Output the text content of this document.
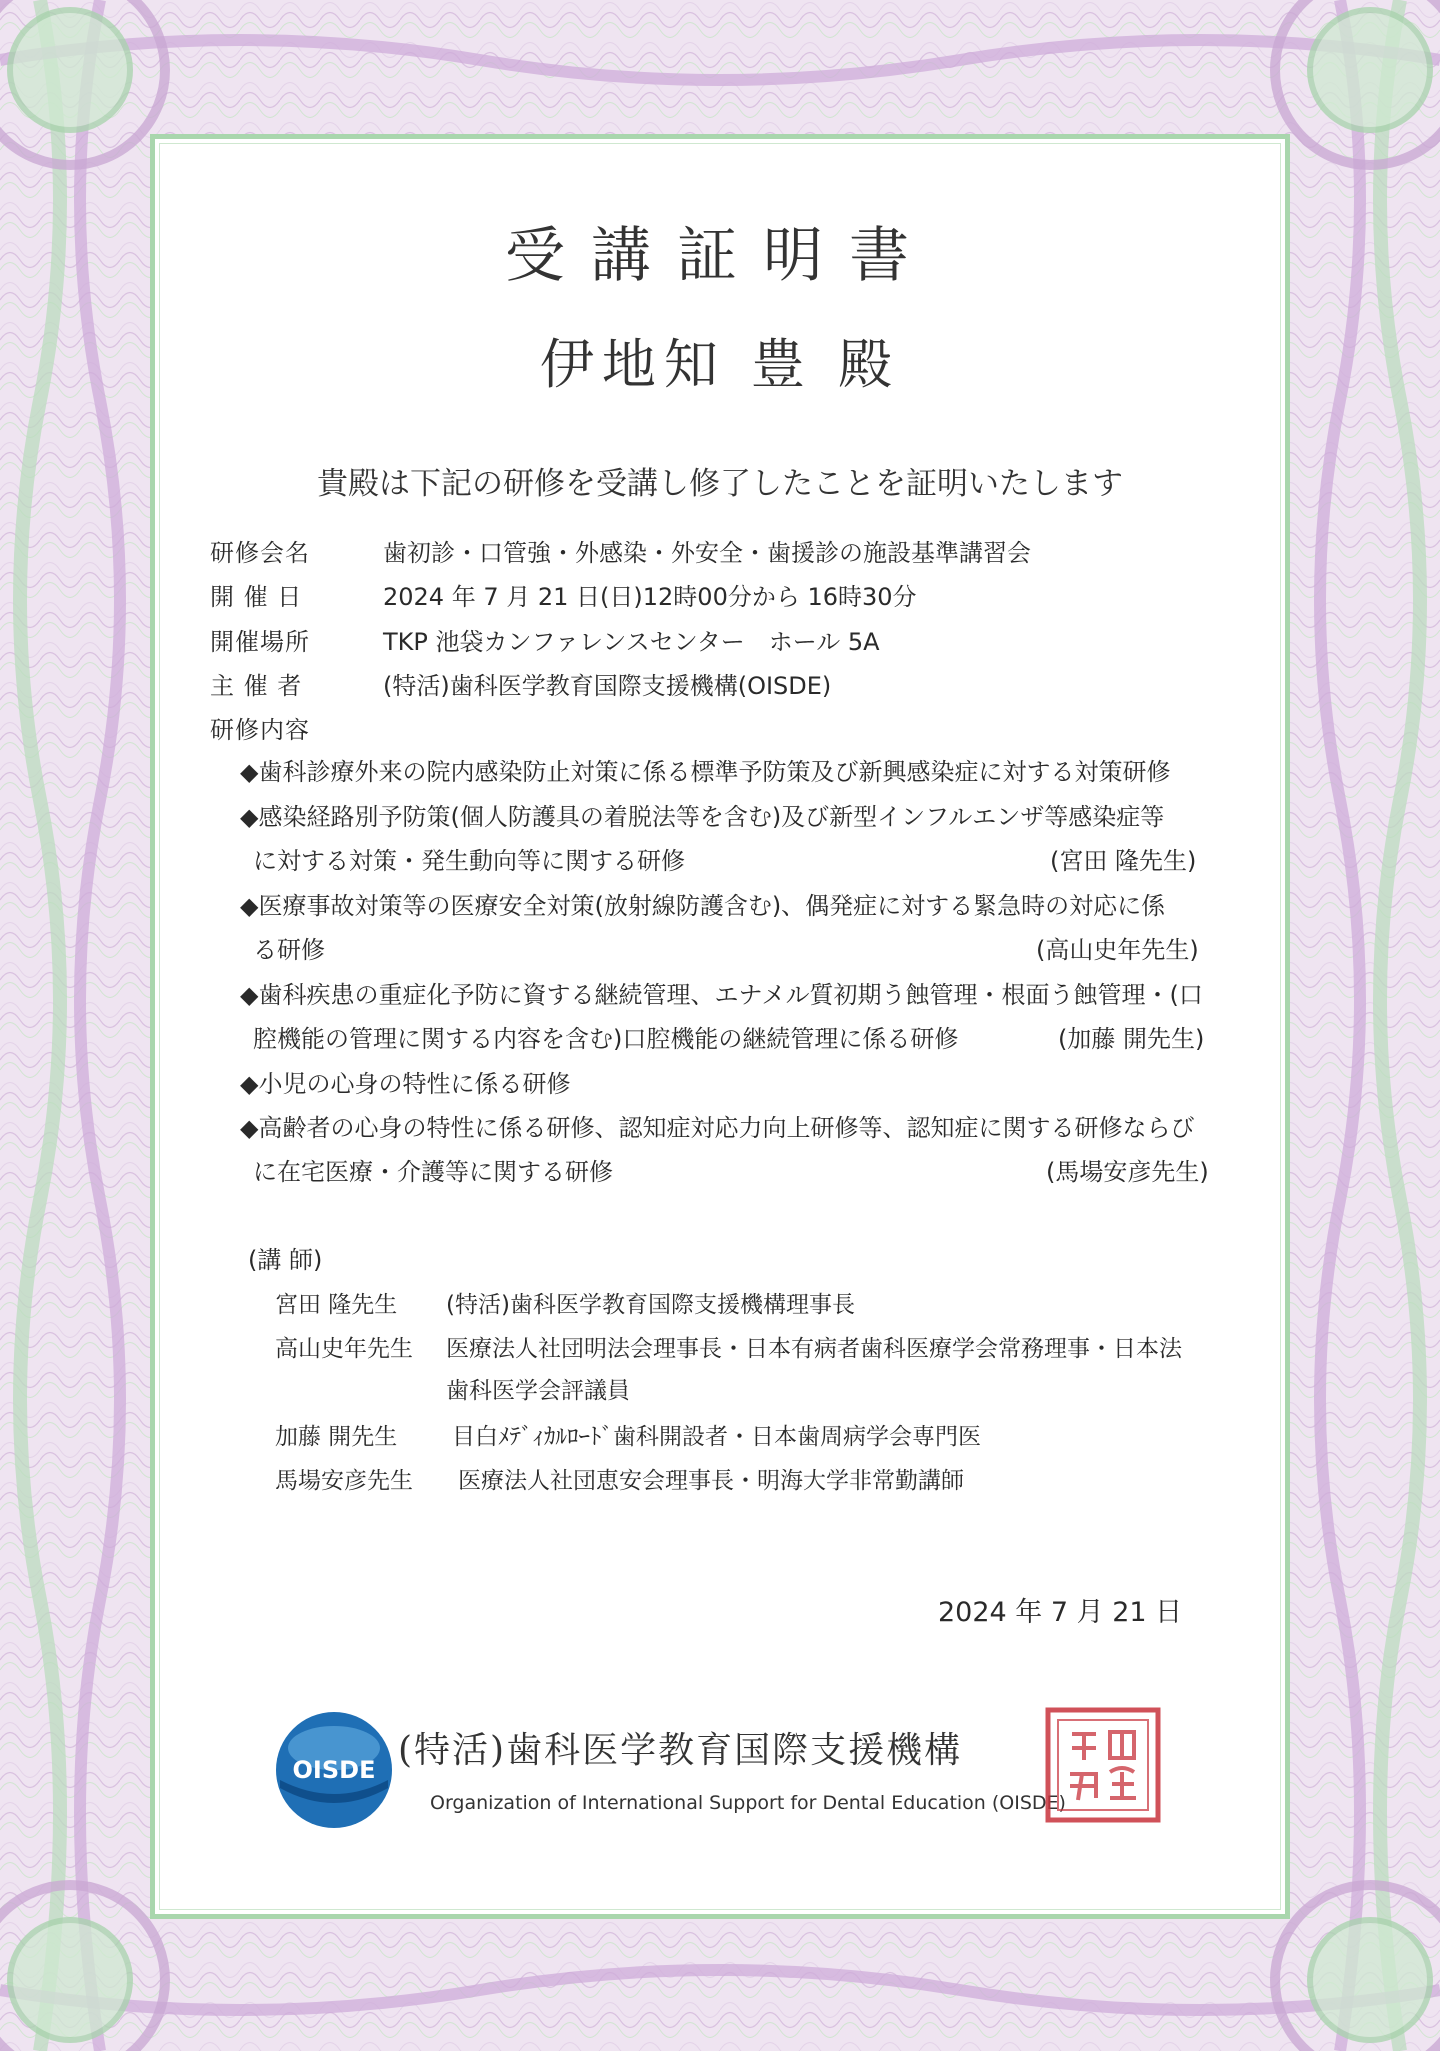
受講証明書
伊地知 豊 殿
貴殿は下記の研修を受講し修了したことを証明いたします
研修会名	歯初診・口管強・外感染・外安全・歯援診の施設基準講習会
開 催 日	2024 年 7 月 21 日(日)12時00分から 16時30分
開催場所	TKP 池袋カンファレンスセンター　ホール 5A
主 催 者	(特活)歯科医学教育国際支援機構(OISDE)
研修内容
◆歯科診療外来の院内感染防止対策に係る標準予防策及び新興感染症に対する対策研修
◆感染経路別予防策(個人防護具の着脱法等を含む)及び新型インフルエンザ等感染症等
に対する対策・発生動向等に関する研修	(宮田 隆先生)
◆医療事故対策等の医療安全対策(放射線防護含む)、偶発症に対する緊急時の対応に係
る研修	(高山史年先生)
◆歯科疾患の重症化予防に資する継続管理、エナメル質初期う蝕管理・根面う蝕管理・(口
腔機能の管理に関する内容を含む)口腔機能の継続管理に係る研修	(加藤 開先生)
◆小児の心身の特性に係る研修
◆高齢者の心身の特性に係る研修、認知症対応力向上研修等、認知症に関する研修ならび
に在宅医療・介護等に関する研修	(馬場安彦先生)
(講 師)
宮田 隆先生 (特活)歯科医学教育国際支援機構理事長
高山史年先生 医療法人社団明法会理事長・日本有病者歯科医療学会常務理事・日本法
歯科医学会評議員
加藤 開先生 目白ﾒﾃﾞｨｶﾙﾛｰﾄﾞ歯科開設者・日本歯周病学会専門医
馬場安彦先生 医療法人社団恵安会理事長・明海大学非常勤講師
2024 年 7 月 21 日
OISDE (特活)歯科医学教育国際支援機構
Organization of International Support for Dental Education (OISDE)
